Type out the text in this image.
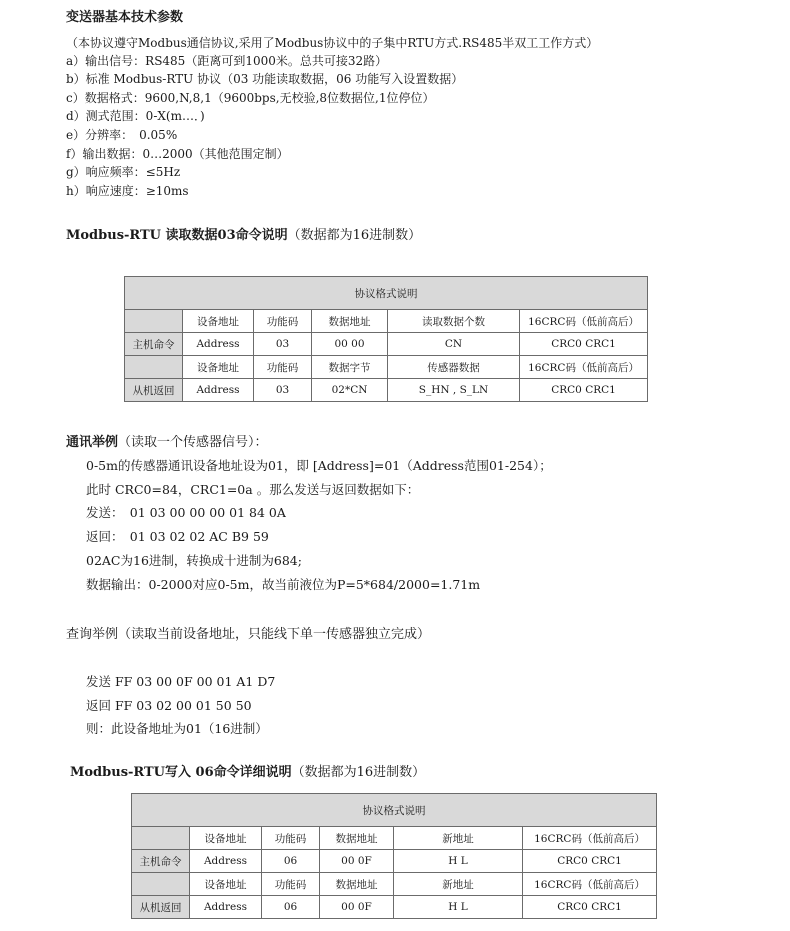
变送器基本技术参数
（本协议遵守Modbus通信协议,采用了Modbus协议中的子集中RTU方式.RS485半双工工作方式）
a）输出信号：RS485（距离可到1000米。总共可接32路）
b）标准 Modbus-RTU 协议（03 功能读取数据，06 功能写入设置数据）
c）数据格式：9600,N,8,1（9600bps,无校验,8位数据位,1位停位）
d）测式范围：0-X(m…．)
e）分辨率：　0.05%
f）输出数据：0…2000（其他范围定制）
g）响应频率：≤5Hz
h）响应速度：≥10ms
Modbus-RTU 读取数据03命令说明（数据都为16进制数）
协议格式说明					
	设备地址	功能码	数据地址	读取数据个数	16CRC码（低前高后）
主机命令	Address	03	00 00	CN	CRC0 CRC1
	设备地址	功能码	数据字节	传感器数据	16CRC码（低前高后）
从机返回	Address	03	02*CN	S_HN , S_LN	CRC0 CRC1
通讯举例（读取一个传感器信号）：
0-5m的传感器通讯设备地址设为01，即 [Address]=01（Address范围01-254）；
此时 CRC0=84，CRC1=0a 。那么发送与返回数据如下：
发送：　01 03 00 00 00 01 84 0A
返回：　01 03 02 02 AC B9 59
02AC为16进制，转换成十进制为684;
数据输出：0-2000对应0-5m，故当前液位为P=5*684/2000=1.71m
查询举例（读取当前设备地址，只能线下单一传感器独立完成）
发送 FF 03 00 0F 00 01 A1 D7
返回 FF 03 02 00 01 50 50
则：此设备地址为01（16进制）
Modbus-RTU写入 06命令详细说明（数据都为16进制数）
协议格式说明					
	设备地址	功能码	数据地址	新地址	16CRC码（低前高后）
主机命令	Address	06	00 0F	H L	CRC0 CRC1
	设备地址	功能码	数据地址	新地址	16CRC码（低前高后）
从机返回	Address	06	00 0F	H L	CRC0 CRC1
